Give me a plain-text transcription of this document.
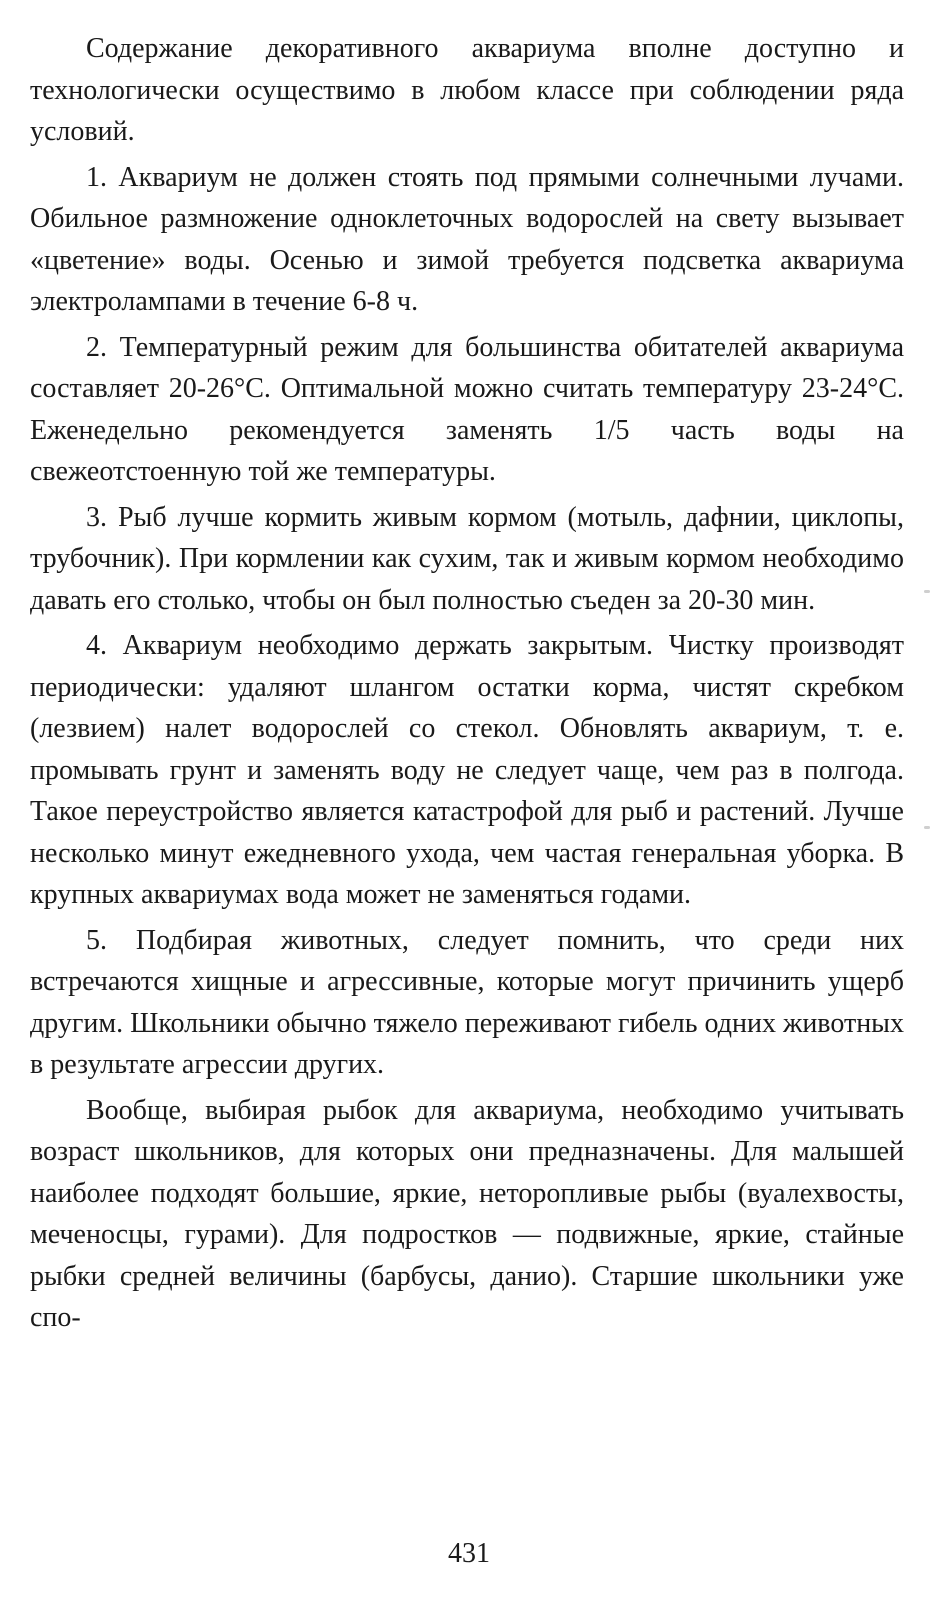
Содержание декоративного аквариума вполне доступно и технологически осуществимо в любом классе при соблюдении ряда условий.

1. Аквариум не должен стоять под прямыми солнечными лучами. Обильное размножение одноклеточных водорослей на свету вызывает «цветение» воды. Осенью и зимой требуется подсветка аквариума электролампами в течение 6-8 ч.

2. Температурный режим для большинства обитателей аквариума составляет 20-26°С. Оптимальной можно считать температуру 23-24°С. Еженедельно рекомендуется заменять 1/5 часть воды на свежеотстоенную той же температуры.

3. Рыб лучше кормить живым кормом (мотыль, дафнии, циклопы, трубочник). При кормлении как сухим, так и живым кормом необходимо давать его столько, чтобы он был полностью съеден за 20-30 мин.

4. Аквариум необходимо держать закрытым. Чистку производят периодически: удаляют шлангом остатки корма, чистят скребком (лезвием) налет водорослей со стекол. Обновлять аквариум, т. е. промывать грунт и заменять воду не следует чаще, чем раз в полгода. Такое переустройство является катастрофой для рыб и растений. Лучше несколько минут ежедневного ухода, чем частая генеральная уборка. В крупных аквариумах вода может не заменяться годами.

5. Подбирая животных, следует помнить, что среди них встречаются хищные и агрессивные, которые могут причинить ущерб другим. Школьники обычно тяжело переживают гибель одних животных в результате агрессии других.

Вообще, выбирая рыбок для аквариума, необходимо учитывать возраст школьников, для которых они предназначены. Для малышей наиболее подходят большие, яркие, неторопливые рыбы (вуалехвосты, меченосцы, гурами). Для подростков — подвижные, яркие, стайные рыбки средней величины (барбусы, данио). Старшие школьники уже спо-

431
